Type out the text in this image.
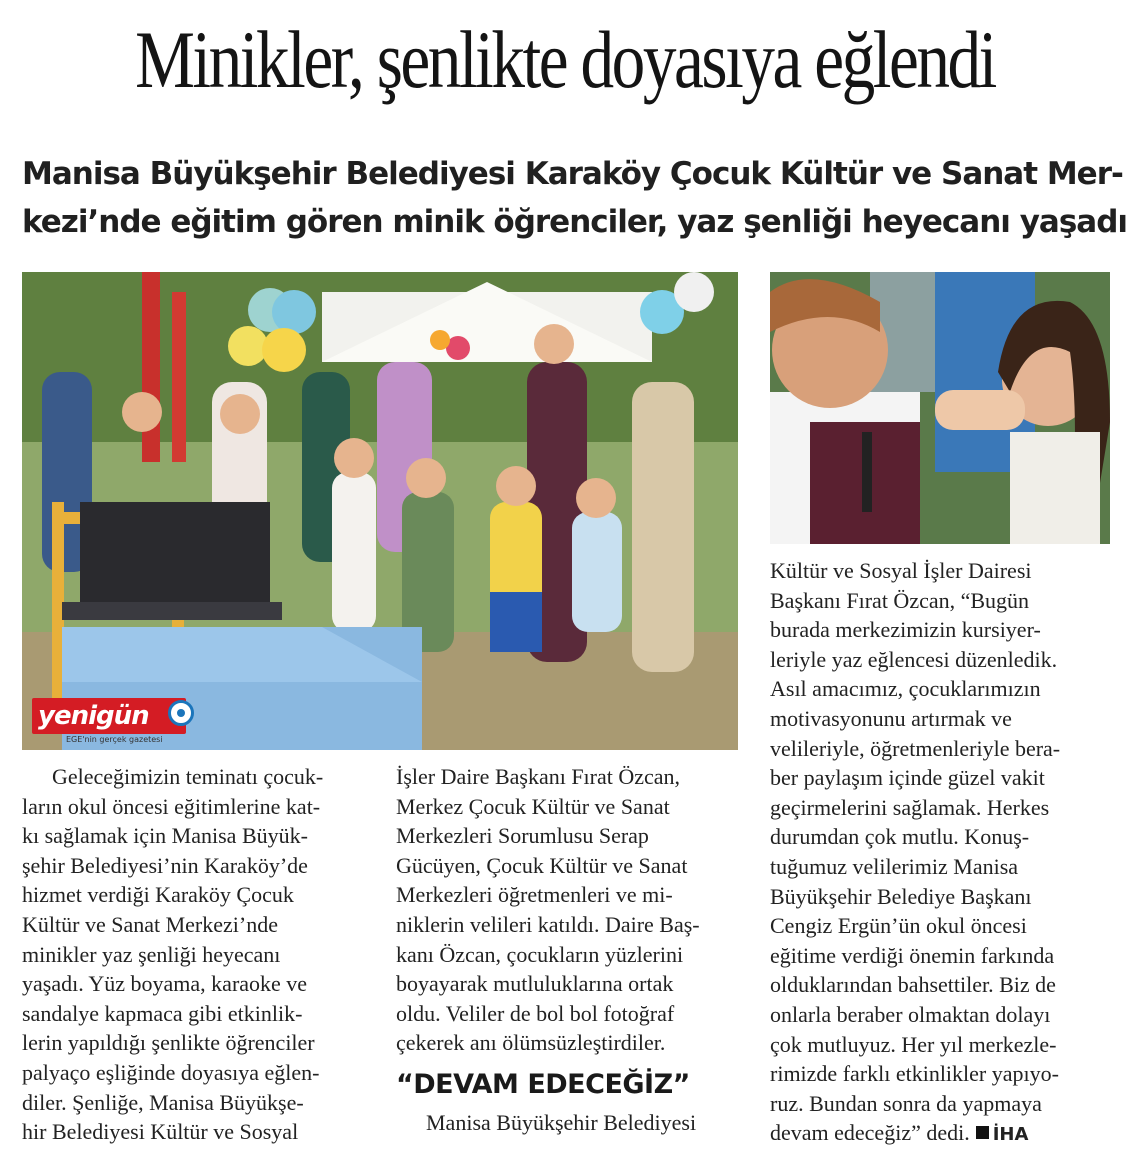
Minikler, şenlikte doyasıya eğlendi
Manisa Büyükşehir Belediyesi Karaköy Çocuk Kültür ve Sanat Mer-
kezi’nde eğitim gören minik öğrenciler, yaz şenliği heyecanı yaşadı
yenigün
EGE'nin gerçek gazetesi
Geleceğimizin teminatı çocuk-
ların okul öncesi eğitimlerine kat-
kı sağlamak için Manisa Büyük-
şehir Belediyesi’nin Karaköy’de
hizmet verdiği Karaköy Çocuk
Kültür ve Sanat Merkezi’nde
minikler yaz şenliği heyecanı
yaşadı. Yüz boyama, karaoke ve
sandalye kapmaca gibi etkinlik-
lerin yapıldığı şenlikte öğrenciler
palyaço eşliğinde doyasıya eğlen-
diler. Şenliğe, Manisa Büyükşe-
hir Belediyesi Kültür ve Sosyal
İşler Daire Başkanı Fırat Özcan,
Merkez Çocuk Kültür ve Sanat
Merkezleri Sorumlusu Serap
Gücüyen, Çocuk Kültür ve Sanat
Merkezleri öğretmenleri ve mi-
niklerin velileri katıldı. Daire Baş-
kanı Özcan, çocukların yüzlerini
boyayarak mutluluklarına ortak
oldu. Veliler de bol bol fotoğraf
çekerek anı ölümsüzleştirdiler.
“DEVAM EDECEĞİZ”
Manisa Büyükşehir Belediyesi
Kültür ve Sosyal İşler Dairesi
Başkanı Fırat Özcan, “Bugün
burada merkezimizin kursiyer-
leriyle yaz eğlencesi düzenledik.
Asıl amacımız, çocuklarımızın
motivasyonunu artırmak ve
velileriyle, öğretmenleriyle bera-
ber paylaşım içinde güzel vakit
geçirmelerini sağlamak. Herkes
durumdan çok mutlu. Konuş-
tuğumuz velilerimiz Manisa
Büyükşehir Belediye Başkanı
Cengiz Ergün’ün okul öncesi
eğitime verdiği önemin farkında
olduklarından bahsettiler. Biz de
onlarla beraber olmaktan dolayı
çok mutluyuz. Her yıl merkezle-
rimizde farklı etkinlikler yapıyo-
ruz. Bundan sonra da yapmaya
devam edeceğiz” dedi. İHA
